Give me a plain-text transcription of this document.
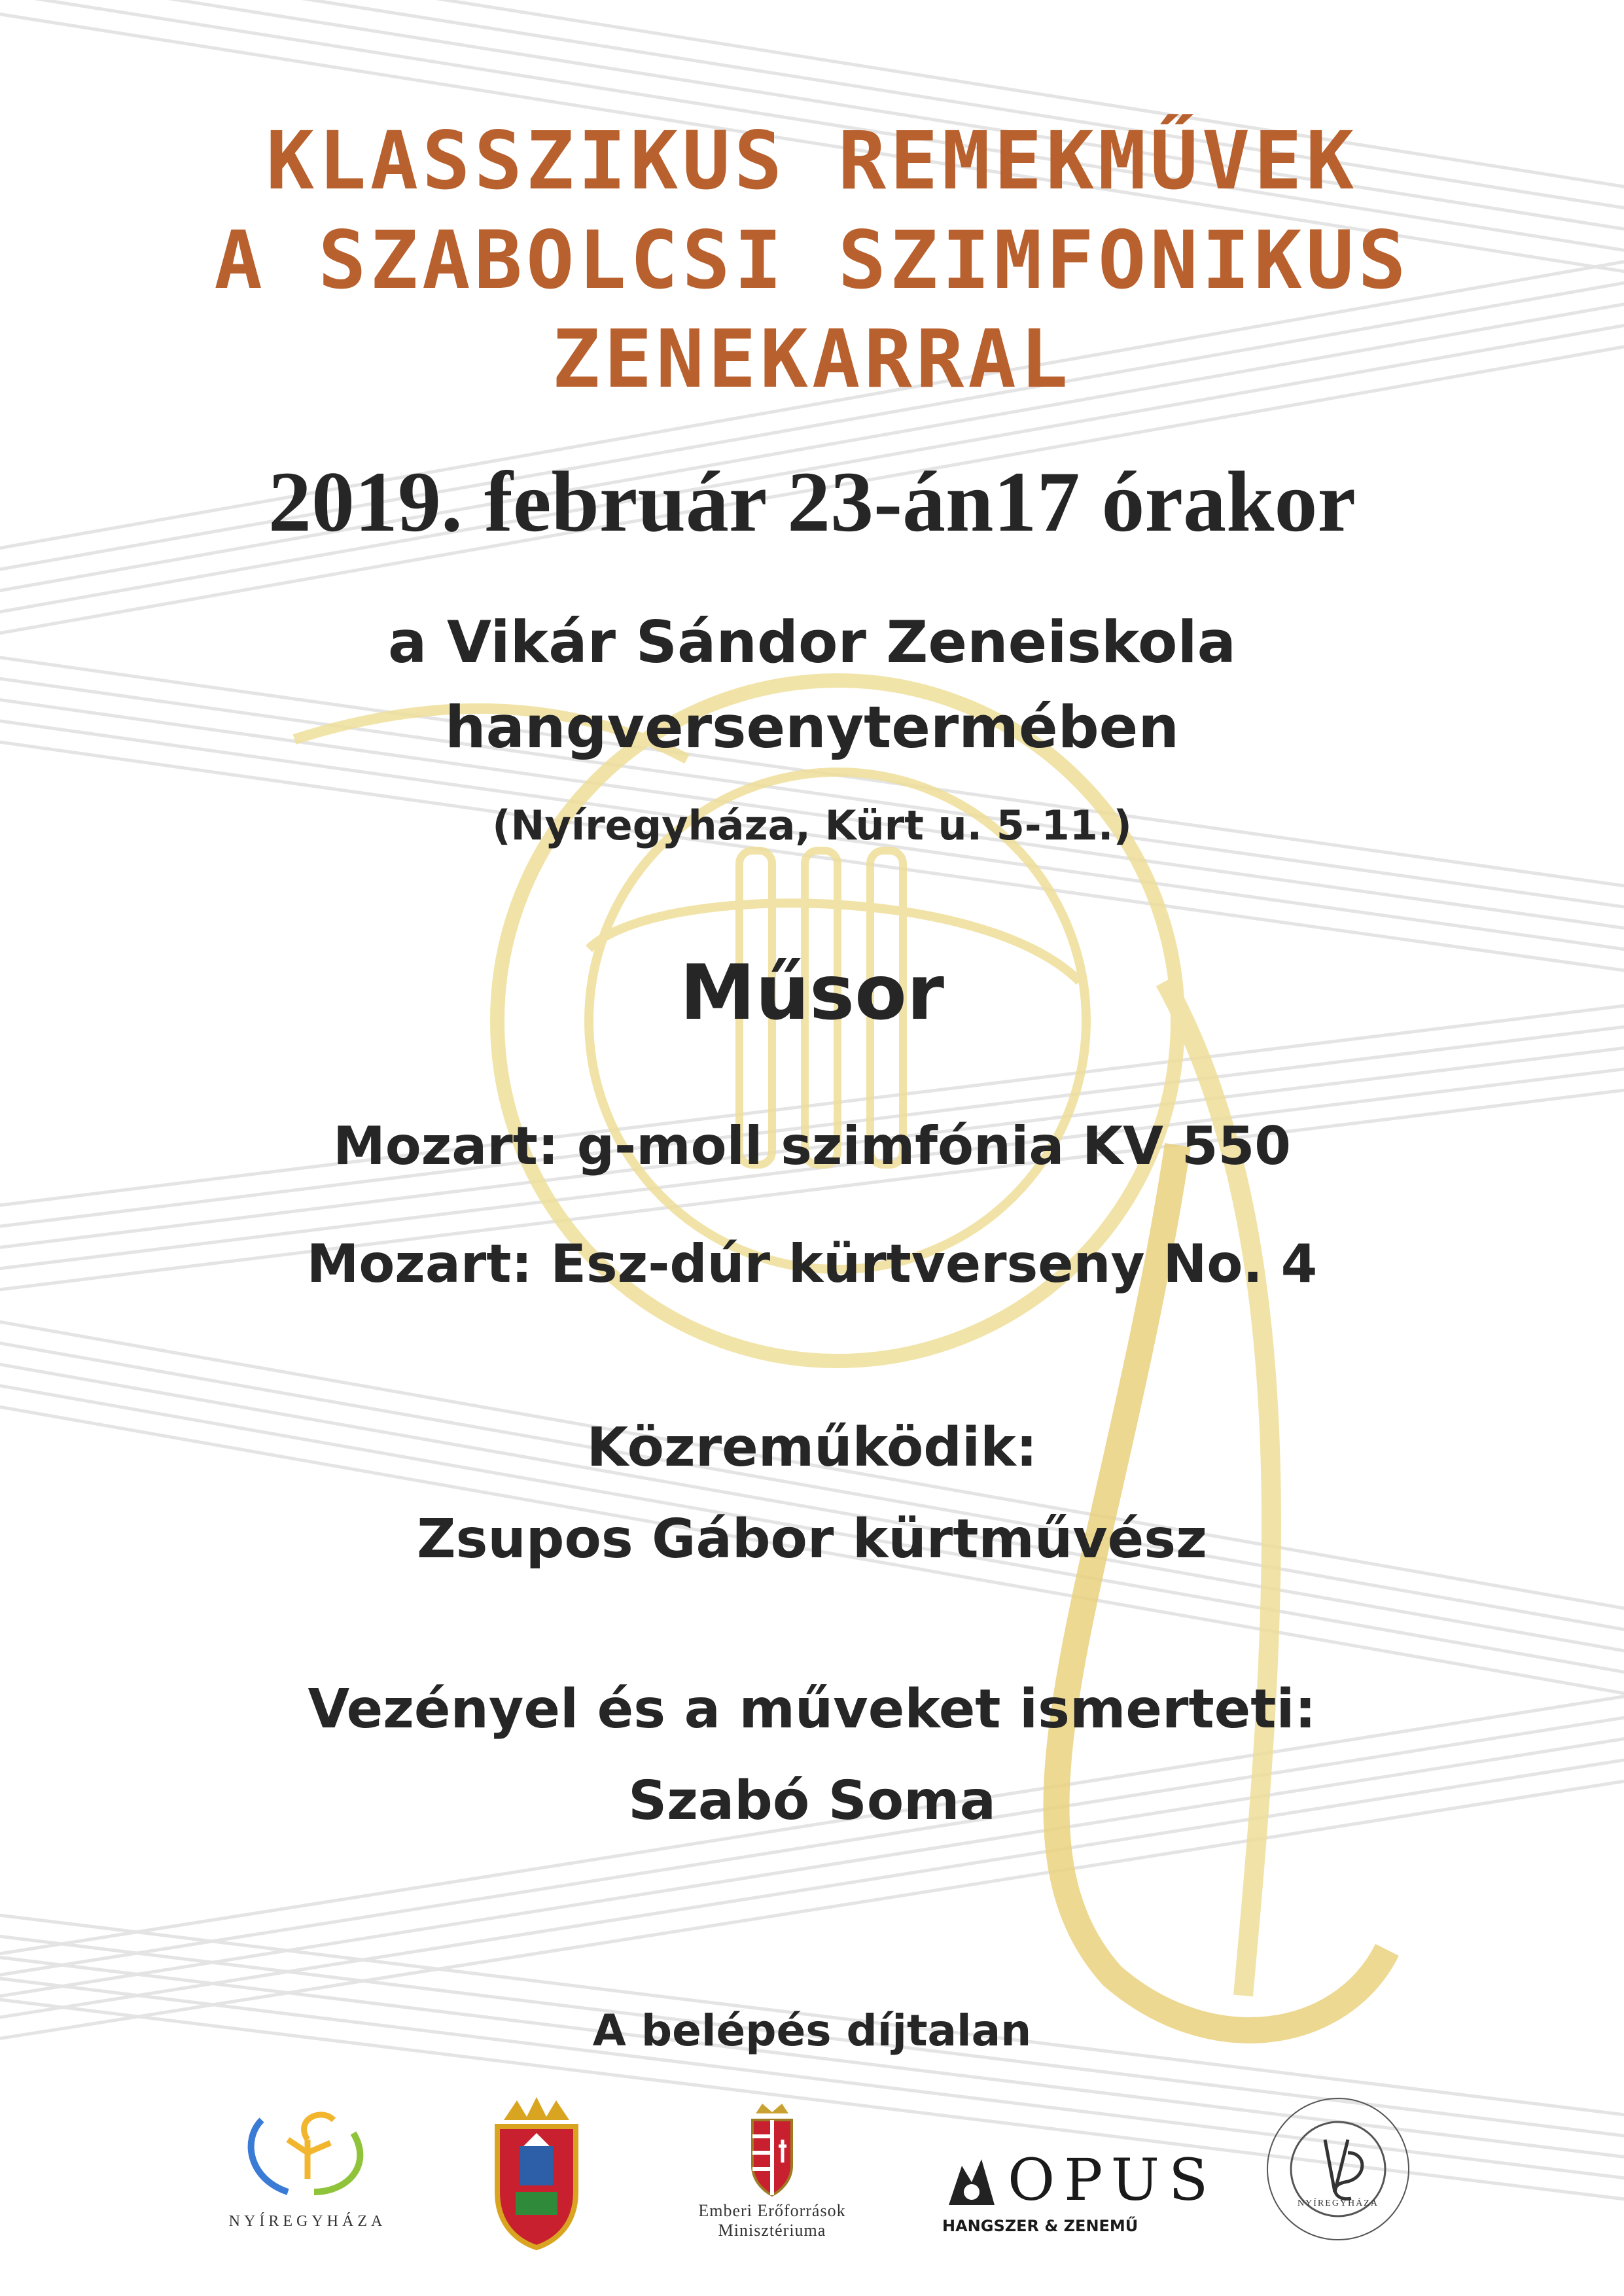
KLASSZIKUS REMEKMŰVEK
A SZABOLCSI SZIMFONIKUS
ZENEKARRAL
2019. február 23-án17 órakor
a Vikár Sándor Zeneiskola
hangversenytermében
(Nyíregyháza, Kürt u. 5-11.)
Műsor
Mozart: g-moll szimfónia KV 550
Mozart: Esz-dúr kürtverseny No. 4
Közreműködik:
Zsupos Gábor kürtművész
Vezényel és a műveket ismerteti:
Szabó Soma
A belépés díjtalan
NYÍREGYHÁZA
Emberi Erőforrások
Minisztériuma
OPUS
HANGSZER & ZENEMŰ
NYÍREGYHÁZA
